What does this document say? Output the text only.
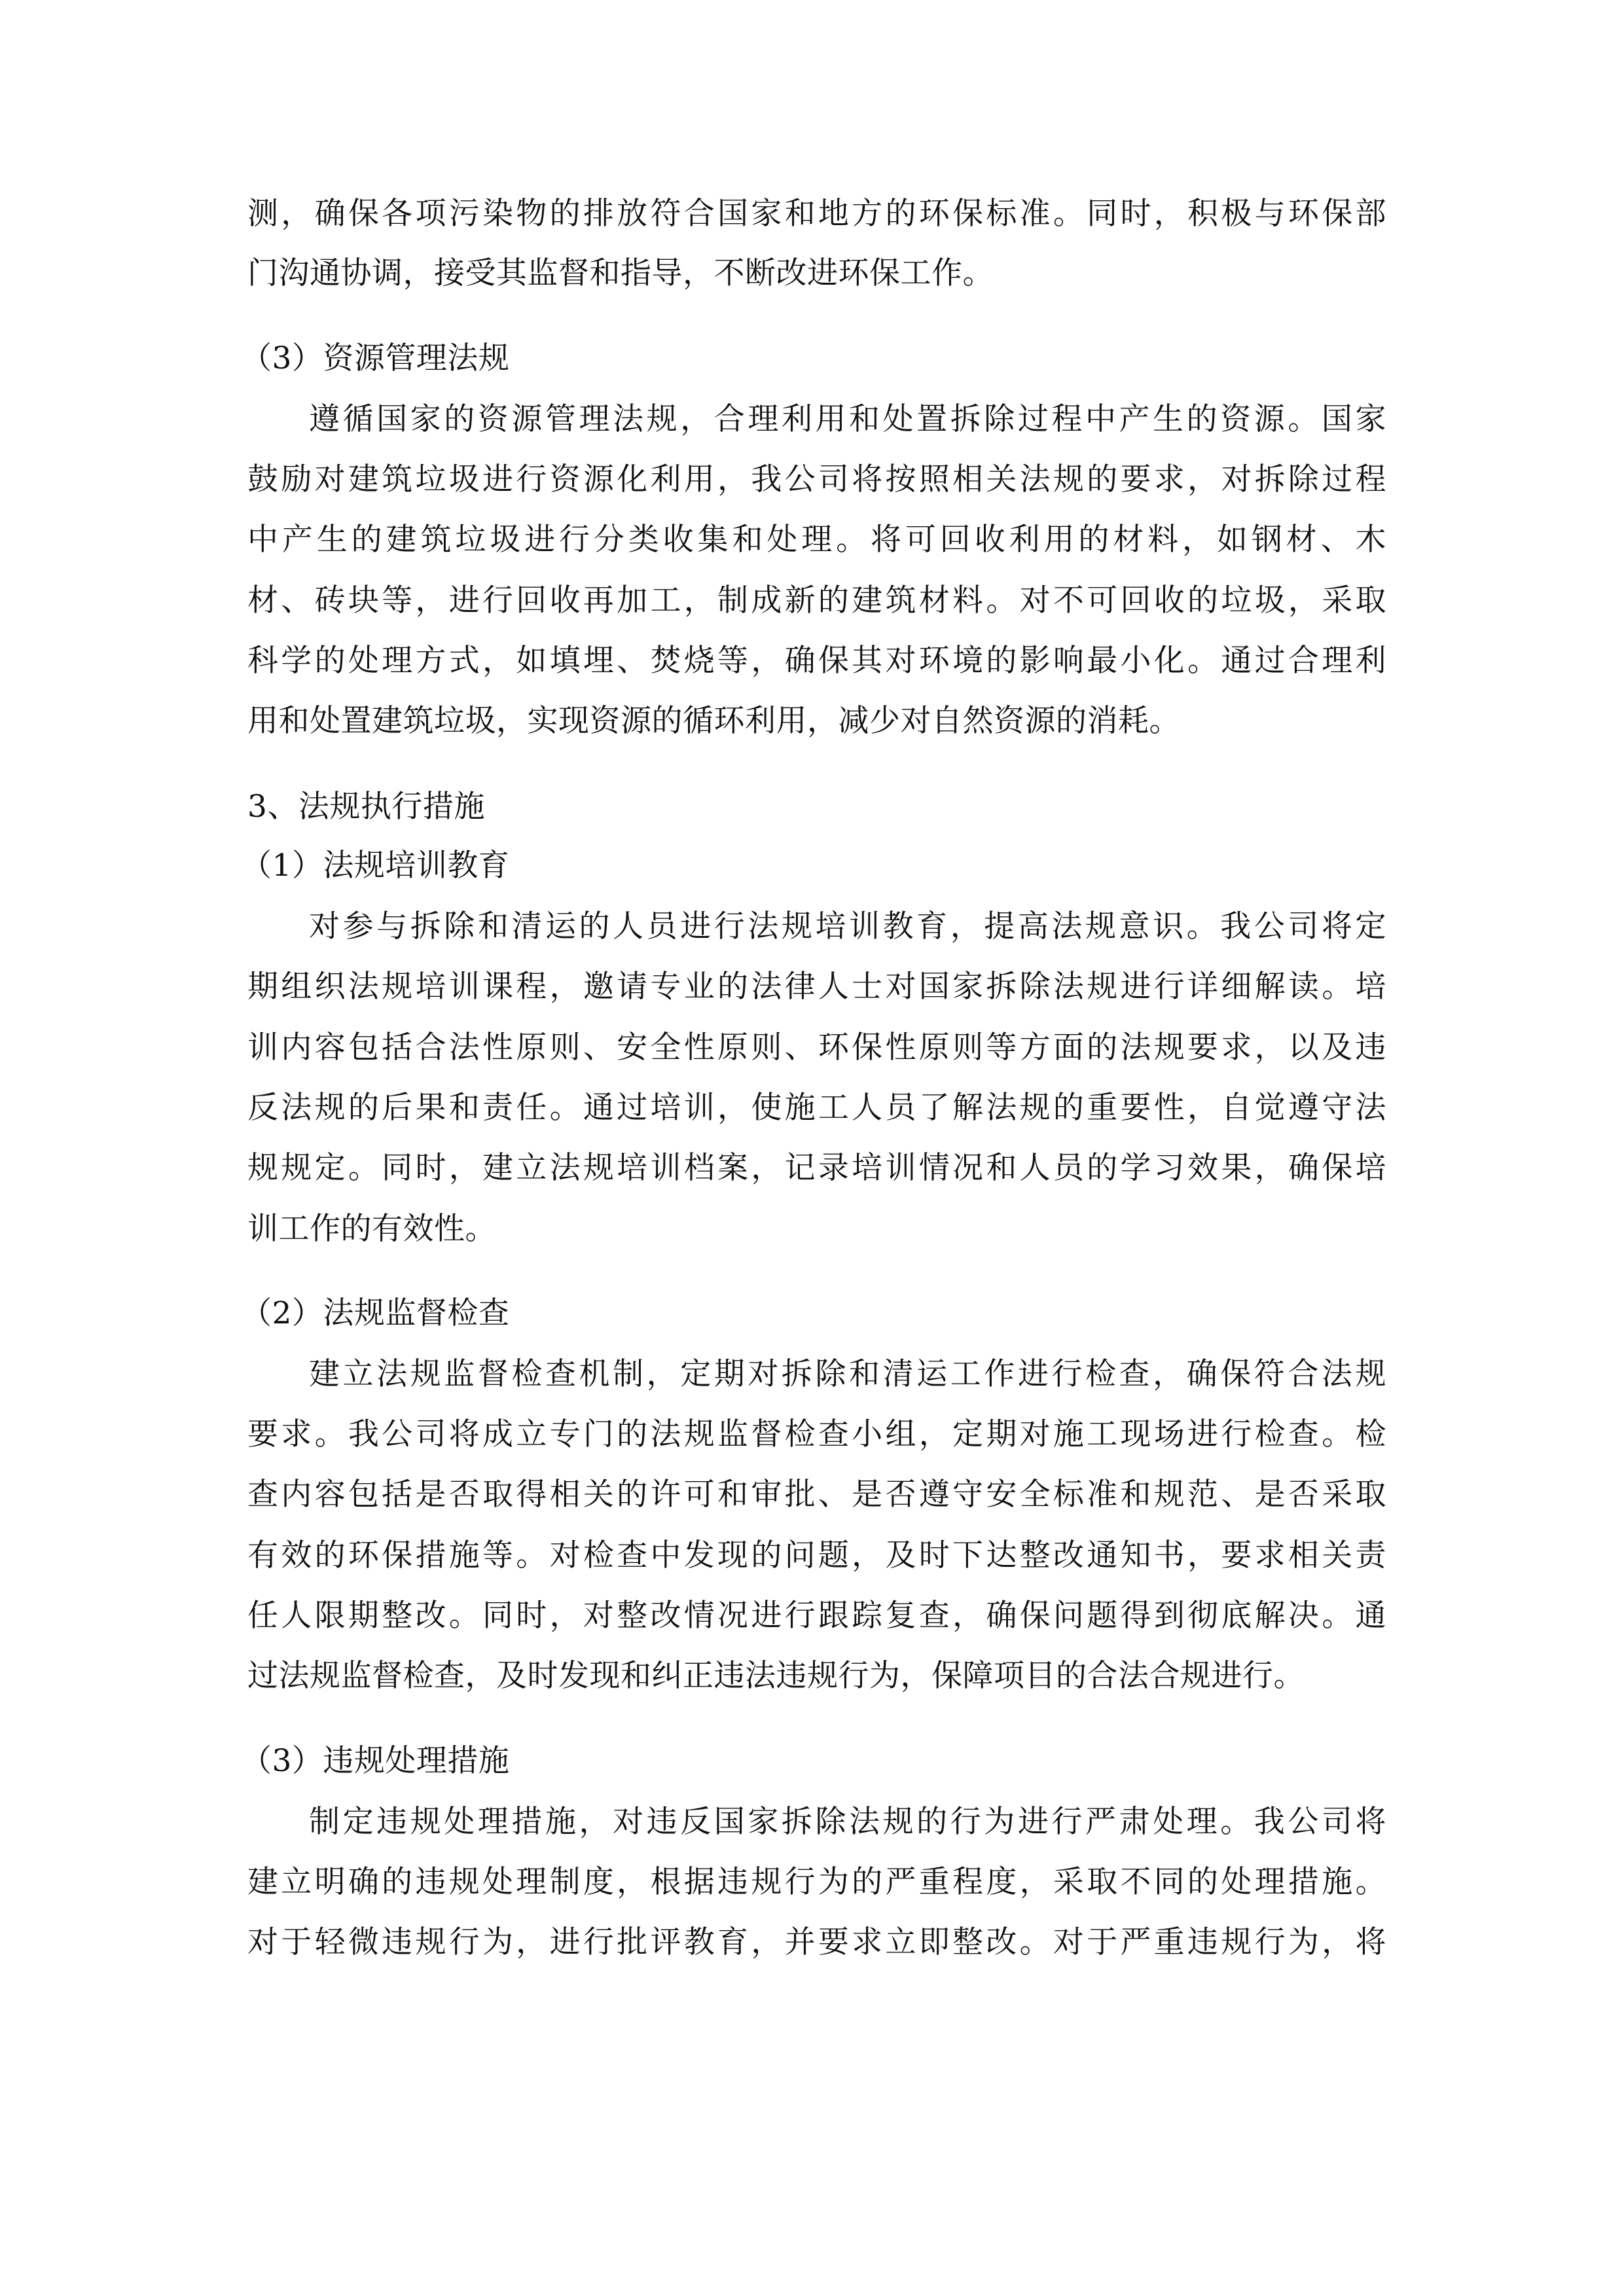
测，确保各项污染物的排放符合国家和地方的环保标准。同时，积极与环保部

门沟通协调，接受其监督和指导，不断改进环保工作。

（3）资源管理法规

遵循国家的资源管理法规，合理利用和处置拆除过程中产生的资源。国家

鼓励对建筑垃圾进行资源化利用，我公司将按照相关法规的要求，对拆除过程

中产生的建筑垃圾进行分类收集和处理。将可回收利用的材料，如钢材、木

材、砖块等，进行回收再加工，制成新的建筑材料。对不可回收的垃圾，采取

科学的处理方式，如填埋、焚烧等，确保其对环境的影响最小化。通过合理利

用和处置建筑垃圾，实现资源的循环利用，减少对自然资源的消耗。

3、法规执行措施

（1）法规培训教育

对参与拆除和清运的人员进行法规培训教育，提高法规意识。我公司将定

期组织法规培训课程，邀请专业的法律人士对国家拆除法规进行详细解读。培

训内容包括合法性原则、安全性原则、环保性原则等方面的法规要求，以及违

反法规的后果和责任。通过培训，使施工人员了解法规的重要性，自觉遵守法

规规定。同时，建立法规培训档案，记录培训情况和人员的学习效果，确保培

训工作的有效性。

（2）法规监督检查

建立法规监督检查机制，定期对拆除和清运工作进行检查，确保符合法规

要求。我公司将成立专门的法规监督检查小组，定期对施工现场进行检查。检

查内容包括是否取得相关的许可和审批、是否遵守安全标准和规范、是否采取

有效的环保措施等。对检查中发现的问题，及时下达整改通知书，要求相关责

任人限期整改。同时，对整改情况进行跟踪复查，确保问题得到彻底解决。通

过法规监督检查，及时发现和纠正违法违规行为，保障项目的合法合规进行。

（3）违规处理措施

制定违规处理措施，对违反国家拆除法规的行为进行严肃处理。我公司将

建立明确的违规处理制度，根据违规行为的严重程度，采取不同的处理措施。

对于轻微违规行为，进行批评教育，并要求立即整改。对于严重违规行为，将
